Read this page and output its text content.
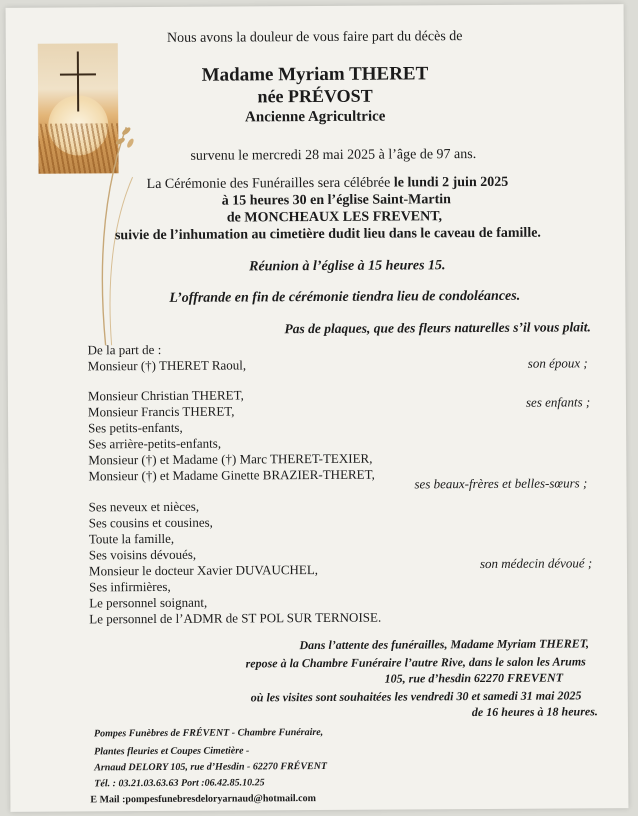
Nous avons la douleur de vous faire part du décès de
Madame Myriam THERET
née PRÉVOST
Ancienne Agricultrice
survenu le mercredi 28 mai 2025 à l’âge de 97 ans.
La Cérémonie des Funérailles sera célébrée le lundi 2 juin 2025
à 15 heures 30 en l’église Saint-Martin
de MONCHEAUX LES FREVENT,
suivie de l’inhumation au cimetière dudit lieu dans le caveau de famille.
Réunion à l’église à 15 heures 15.
L’offrande en fin de cérémonie tiendra lieu de condoléances.
Pas de plaques, que des fleurs naturelles s’il vous plait.
De la part de :
Monsieur (†) THERET Raoul,	son époux ;
Monsieur Christian THERET,
Monsieur Francis THERET,
ses enfants ;
Ses petits-enfants,
Ses arrière-petits-enfants,
Monsieur (†) et Madame (†) Marc THERET-TEXIER,
Monsieur (†) et Madame Ginette BRAZIER-THERET,	ses beaux-frères et belles-sœurs ;
Ses neveux et nièces,
Ses cousins et cousines,
Toute la famille,
Ses voisins dévoués,
Monsieur le docteur Xavier DUVAUCHEL,	son médecin dévoué ;
Ses infirmières,
Le personnel soignant,
Le personnel de l’ADMR de ST POL SUR TERNOISE.
Dans l’attente des funérailles, Madame Myriam THERET,
repose à la Chambre Funéraire l’autre Rive, dans le salon les Arums
105, rue d’hesdin 62270 FREVENT
où les visites sont souhaitées les vendredi 30 et samedi 31 mai 2025
de 16 heures à 18 heures.
Pompes Funèbres de FRÉVENT - Chambre Funéraire,
Plantes fleuries et Coupes Cimetière -
Arnaud DELORY 105, rue d’Hesdin - 62270 FRÉVENT
Tél. : 03.21.03.63.63 Port :06.42.85.10.25
E Mail :pompesfunebresdeloryarnaud@hotmail.com
